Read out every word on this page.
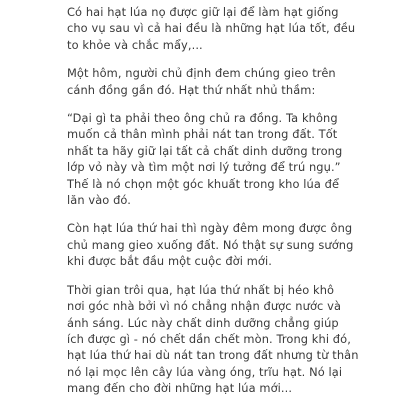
Có hai hạt lúa nọ được giữ lại để làm hạt giống
cho vụ sau vì cả hai đều là những hạt lúa tốt, đều
to khỏe và chắc mẩy,...

Một hôm, người chủ định đem chúng gieo trên
cánh đồng gần đó. Hạt thứ nhất nhủ thầm:

“Dại gì ta phải theo ông chủ ra đồng. Ta không
muốn cả thân mình phải nát tan trong đất. Tốt
nhất ta hãy giữ lại tất cả chất dinh dưỡng trong
lớp vỏ này và tìm một nơi lý tưởng để trú ngụ.”
Thế là nó chọn một góc khuất trong kho lúa để
lăn vào đó.

Còn hạt lúa thứ hai thì ngày đêm mong được ông
chủ mang gieo xuống đất. Nó thật sự sung sướng
khi được bắt đầu một cuộc đời mới.

Thời gian trôi qua, hạt lúa thứ nhất bị héo khô
nơi góc nhà bởi vì nó chẳng nhận được nước và
ánh sáng. Lúc này chất dinh dưỡng chẳng giúp
ích được gì - nó chết dần chết mòn. Trong khi đó,
hạt lúa thứ hai dù nát tan trong đất nhưng từ thân
nó lại mọc lên cây lúa vàng óng, trĩu hạt. Nó lại
mang đến cho đời những hạt lúa mới...
